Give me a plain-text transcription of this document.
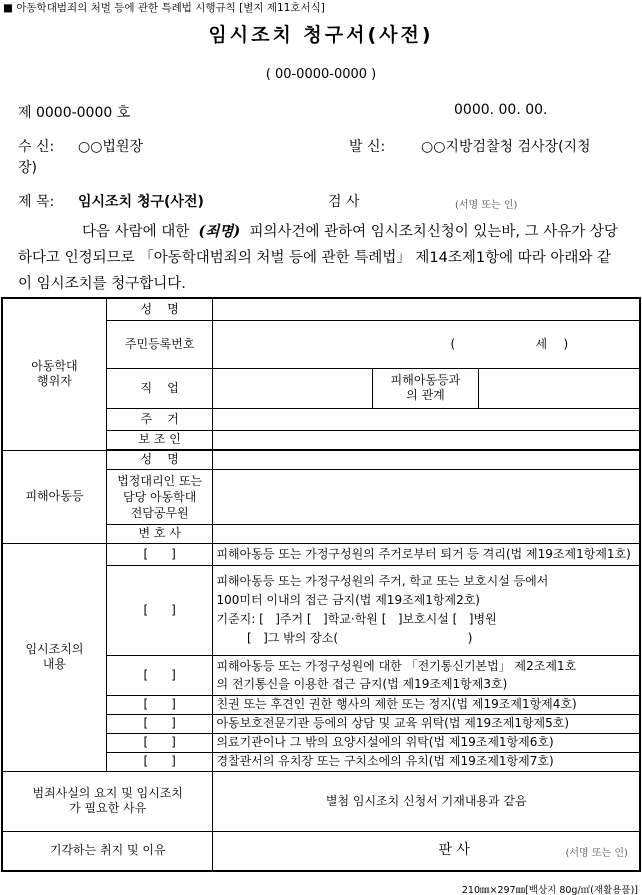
■ 아동학대범죄의 처벌 등에 관한 특례법 시행규칙 [별지 제11호서식]
임시조치 청구서(사전)
( 00-0000-0000 )
제 0000-0000 호	0000. 00. 00.
수 신: ○○법원장
장)
발 신:	○○지방검찰청 검사장(지청
제 목: 임시조치 청구(사전)	검 사	(서명 또는 인)
다음 사람에 대한 (죄명) 피의사건에 관하여 임시조치신청이 있는바, 그 사유가 상당하다고 인정되므로 「아동학대범죄의 처벌 등에 관한 특례법」 제14조제1항에 따라 아래와 같이 임시조치를 청구합니다.
아동학대
행위자	성    명			
	주민등록번호	( 세 )		

	직    업		피해아동등과
의 관계	
	주    거			
	보 조 인			

피해아동등	성    명			
	법정대리인 또는
담당 아동학대
전담공무원			
	변 호 사			
임시조치의
내용	[      ]	피해아동등 또는 가정구성원의 주거로부터 퇴거 등 격리(법 제19조제1항제1호)		
	[      ]	피해아동등 또는 가정구성원의 주거, 학교 또는 보호시설 등에서
100미터 이내의 접근 금지(법 제19조제1항제2호)
기준지: [   ]주거 [   ]학교·학원 [   ]보호시설 [   ]병원
[   ]그 밖의 장소(                                  )		

	[      ]	피해아동등 또는 가정구성원에 대한 「전기통신기본법」 제2조제1호
의 전기통신을 이용한 접근 금지(법 제19조제1항제3호)		

	[      ]	친권 또는 후견인 권한 행사의 제한 또는 정지(법 제19조제1항제4호)		
	[      ]	아동보호전문기관 등에의 상담 및 교육 위탁(법 제19조제1항제5호)		
	[      ]	의료기관이나 그 밖의 요양시설에의 위탁(법 제19조제1항제6호)		
	[      ]	경찰관서의 유치장 또는 구치소에의 유치(법 제19조제1항제7호)		
범죄사실의 요지 및 임시조치
가 필요한 사유		별첨 임시조치 신청서 기재내용과 같음		
기각하는 취지 및 이유		판 사 (서명 또는 인)		
210㎜×297㎜[백상지 80g/㎡(재활용품)]
